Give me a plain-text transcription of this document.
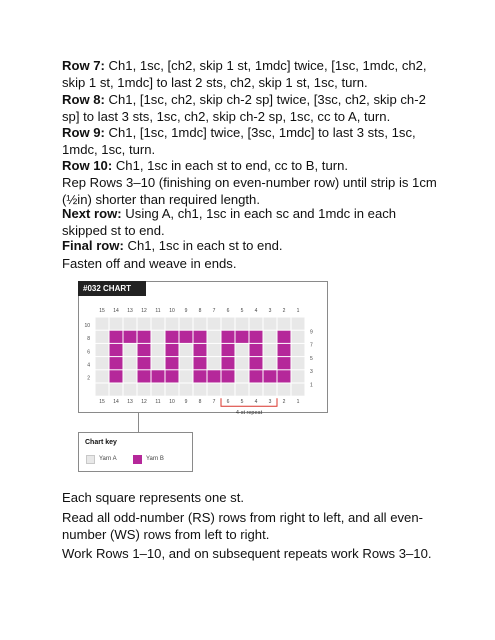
Row 7: Ch1, 1sc, [ch2, skip 1 st, 1mdc] twice, [1sc, 1mdc, ch2, skip 1 st, 1mdc] to last 2 sts, ch2, skip 1 st, 1sc, turn.

Row 8: Ch1, [1sc, ch2, skip ch-2 sp] twice, [3sc, ch2, skip ch-2 sp] to last 3 sts, 1sc, ch2, skip ch-2 sp, 1sc, cc to A, turn.

Row 9: Ch1, [1sc, 1mdc] twice, [3sc, 1mdc] to last 3 sts, 1sc, 1mdc, 1sc, turn.

Row 10: Ch1, 1sc in each st to end, cc to B, turn.

Rep Rows 3–10 (finishing on even-number row) until strip is 1cm (½in) shorter than required length.

Next row: Using A, ch1, 1sc in each sc and 1mdc in each skipped st to end.

Final row: Ch1, 1sc in each st to end.

Fasten off and weave in ends.

15
15
14
14
13
13
12
12
11
11
10
10
9
9
8
8
7
7
6
6
5
5
4
4
3
3
2
2
1
1
10
8
6
4
2
9
7
5
3
1
4-st repeat
#032 CHART
Chart key
Yarn A	Yarn B

Each square represents one st.

Read all odd-number (RS) rows from right to left, and all even-number (WS) rows from left to right.

Work Rows 1–10, and on subsequent repeats work Rows 3–10.
